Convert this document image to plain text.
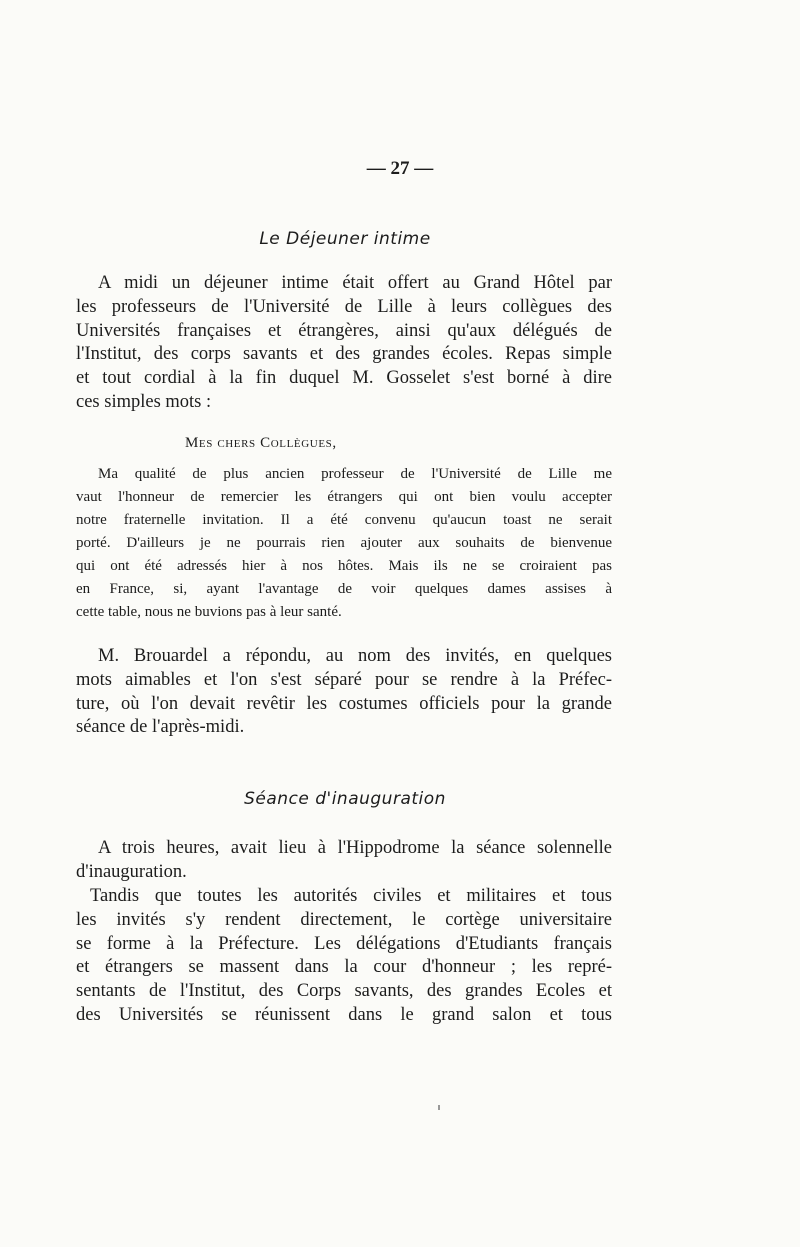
— 27 —
Le Déjeuner intime
A midi un déjeuner intime était offert au Grand Hôtel par
les professeurs de l'Université de Lille à leurs collègues des
Universités françaises et étrangères, ainsi qu'aux délégués de
l'Institut, des corps savants et des grandes écoles. Repas simple
et tout cordial à la fin duquel M. Gosselet s'est borné à dire
ces simples mots :
Mes chers Collègues,
Ma qualité de plus ancien professeur de l'Université de Lille me
vaut l'honneur de remercier les étrangers qui ont bien voulu accepter
notre fraternelle invitation. Il a été convenu qu'aucun toast ne serait
porté. D'ailleurs je ne pourrais rien ajouter aux souhaits de bienvenue
qui ont été adressés hier à nos hôtes. Mais ils ne se croiraient pas
en France, si, ayant l'avantage de voir quelques dames assises à
cette table, nous ne buvions pas à leur santé.
M. Brouardel a répondu, au nom des invités, en quelques
mots aimables et l'on s'est séparé pour se rendre à la Préfec-
ture, où l'on devait revêtir les costumes officiels pour la grande
séance de l'après-midi.
Séance d'inauguration
A trois heures, avait lieu à l'Hippodrome la séance solennelle
d'inauguration.
Tandis que toutes les autorités civiles et militaires et tous
les invités s'y rendent directement, le cortège universitaire
se forme à la Préfecture. Les délégations d'Etudiants français
et étrangers se massent dans la cour d'honneur ; les repré-
sentants de l'Institut, des Corps savants, des grandes Ecoles et
des Universités se réunissent dans le grand salon et tous
